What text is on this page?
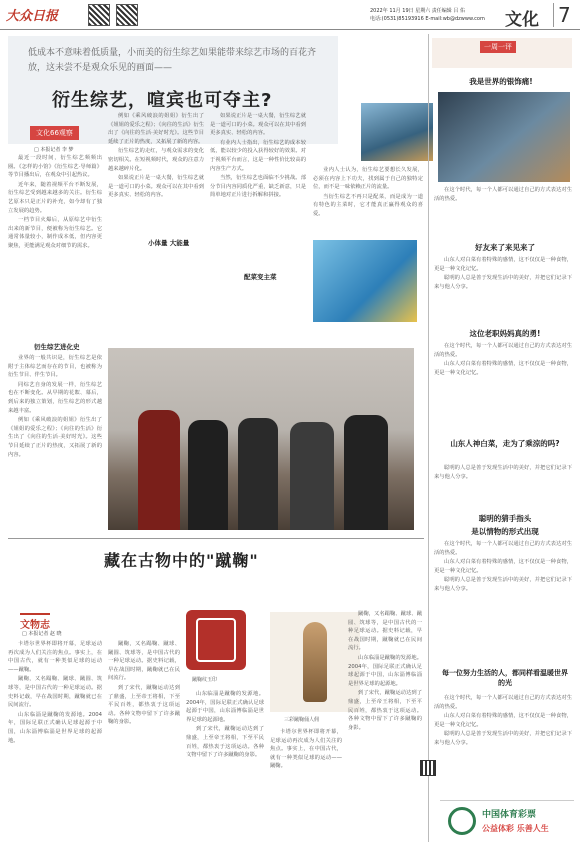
大众日报	2022年 11月 19日 星期六 责任编辑 吕 佑
电话:(0531)85193916 E-mail:wb@dzwww.com 文化 7
低成本不意味着低质量，小而美的衍生综艺如果能带来综艺市场的百花齐放，这未尝不是观众乐见的画面——
衍生综艺，喧宾也可夺主?
文化66观察
□ 本报记者 李 梦

最近一段时间，衍生综艺频频出圈。《怎样的小馆》《衍生综艺·导师篇》等节目播出后，在观众中引起热议。

近年来，随着视频平台不断发展，衍生综艺受到越来越多的关注。衍生综艺原本只是正片的补充，如今却有了独立发展的趋势。

一档节目火爆后，从原综艺中衍生出来的新节目，便被称为衍生综艺。它通常体量较小，制作成本低，但内容更聚焦，更能满足观众对细节的需求。

衍生综艺进化史

业界的一般共识是，衍生综艺是依附于主体综艺而存在的节目，也被称为衍生节目、伴生节目。

同综艺自身的发展一样，衍生综艺也在不断变化。从早期的花絮、幕后，到后来的独立策划，衍生综艺的形式越来越丰富。

例如《乘风破浪的姐姐》衍生出了《姐姐的爱乐之程》；《向往的生活》衍生出了《向往的生活·美好时光》。这些节目延续了正片的热度，又拓展了新的内容。

例如《乘风破浪的姐姐》衍生出了《姐姐的爱乐之程》；《向往的生活》衍生出了《向往的生活·美好时光》。这些节目延续了正片的热度，又拓展了新的内容。

衍生综艺的走红，与观众需求的变化密切相关。在短视频时代，观众的注意力越来越碎片化。

如果说正片是一桌大餐，衍生综艺就是一道可口的小菜。观众可以在其中看到更多真实、轻松的内容。

小体量 大能量

如果说正片是一桌大餐，衍生综艺就是一道可口的小菜。观众可以在其中看到更多真实、轻松的内容。

有业内人士指出，衍生综艺的成本较低，能以较少的投入获得较好的效果。对于视频平台而言，这是一种性价比较高的内容生产方式。

当然，衍生综艺也面临不少挑战。部分节目内容同质化严重，缺乏新意，只是简单地对正片进行拆解和拼接。

配菜变主菜

业内人士认为，衍生综艺要想长久发展，必须在内容上下功夫，找到属于自己的独特定位，而不是一味依赖正片的流量。

当衍生综艺不再只是配菜，而是成为一道有特色的主菜时，它才能真正赢得观众的喜爱。

一周一评
我是世界的银饰痛!

在这个时代，每一个人都可以通过自己的方式表达对生活的热爱。

好友来了来见来了

山东人对白菜有着特殊的感情，这不仅仅是一种食物，更是一种文化记忆。

聪明的人总是善于发现生活中的美好，并把它们记录下来与他人分享。

这位老职妈妈真的勇!

在这个时代，每一个人都可以通过自己的方式表达对生活的热爱。

山东人对白菜有着特殊的感情，这不仅仅是一种食物，更是一种文化记忆。

山东人神白菜，走为了乘涼的吗?

聪明的人总是善于发现生活中的美好，并把它们记录下来与他人分享。

聪明的猜手指头
是以情物的形式出现

在这个时代，每一个人都可以通过自己的方式表达对生活的热爱。

山东人对白菜有着特殊的感情，这不仅仅是一种食物，更是一种文化记忆。

聪明的人总是善于发现生活中的美好，并把它们记录下来与他人分享。

每一位努力生活的人，都同样看温暖世界的光

在这个时代，每一个人都可以通过自己的方式表达对生活的热爱。

山东人对白菜有着特殊的感情，这不仅仅是一种食物，更是一种文化记忆。

聪明的人总是善于发现生活中的美好，并把它们记录下来与他人分享。

中国体育彩票
公益体彩 乐善人生
藏在古物中的"蹴鞠"
文物志
□ 本报记者 赵 晓
蹴鞠纹玉印
三彩蹴鞠俑人佣

卡塔尔世界杯即将开幕，足球运动再次成为人们关注的焦点。事实上，在中国古代，就有一种类似足球的运动——蹴鞠。

蹴鞠，又名蹋鞠、蹴球、蹴圆、筑球等，是中国古代的一种足球运动。据史料记载，早在战国时期，蹴鞠就已在民间流行。

山东临淄是蹴鞠的发源地。2004年，国际足联正式确认足球起源于中国，山东淄博临淄是世界足球的起源地。

蹴鞠，又名蹋鞠、蹴球、蹴圆、筑球等，是中国古代的一种足球运动。据史料记载，早在战国时期，蹴鞠就已在民间流行。

到了宋代，蹴鞠运动达到了鼎盛，上至帝王将相，下至平民百姓，都热衷于这项运动。各种文物中留下了许多蹴鞠的身影。

山东临淄是蹴鞠的发源地。2004年，国际足联正式确认足球起源于中国，山东淄博临淄是世界足球的起源地。

到了宋代，蹴鞠运动达到了鼎盛，上至帝王将相，下至平民百姓，都热衷于这项运动。各种文物中留下了许多蹴鞠的身影。

卡塔尔世界杯即将开幕，足球运动再次成为人们关注的焦点。事实上，在中国古代，就有一种类似足球的运动——蹴鞠。

蹴鞠，又名蹋鞠、蹴球、蹴圆、筑球等，是中国古代的一种足球运动。据史料记载，早在战国时期，蹴鞠就已在民间流行。

山东临淄是蹴鞠的发源地。2004年，国际足联正式确认足球起源于中国，山东淄博临淄是世界足球的起源地。

到了宋代，蹴鞠运动达到了鼎盛，上至帝王将相，下至平民百姓，都热衷于这项运动。各种文物中留下了许多蹴鞠的身影。
